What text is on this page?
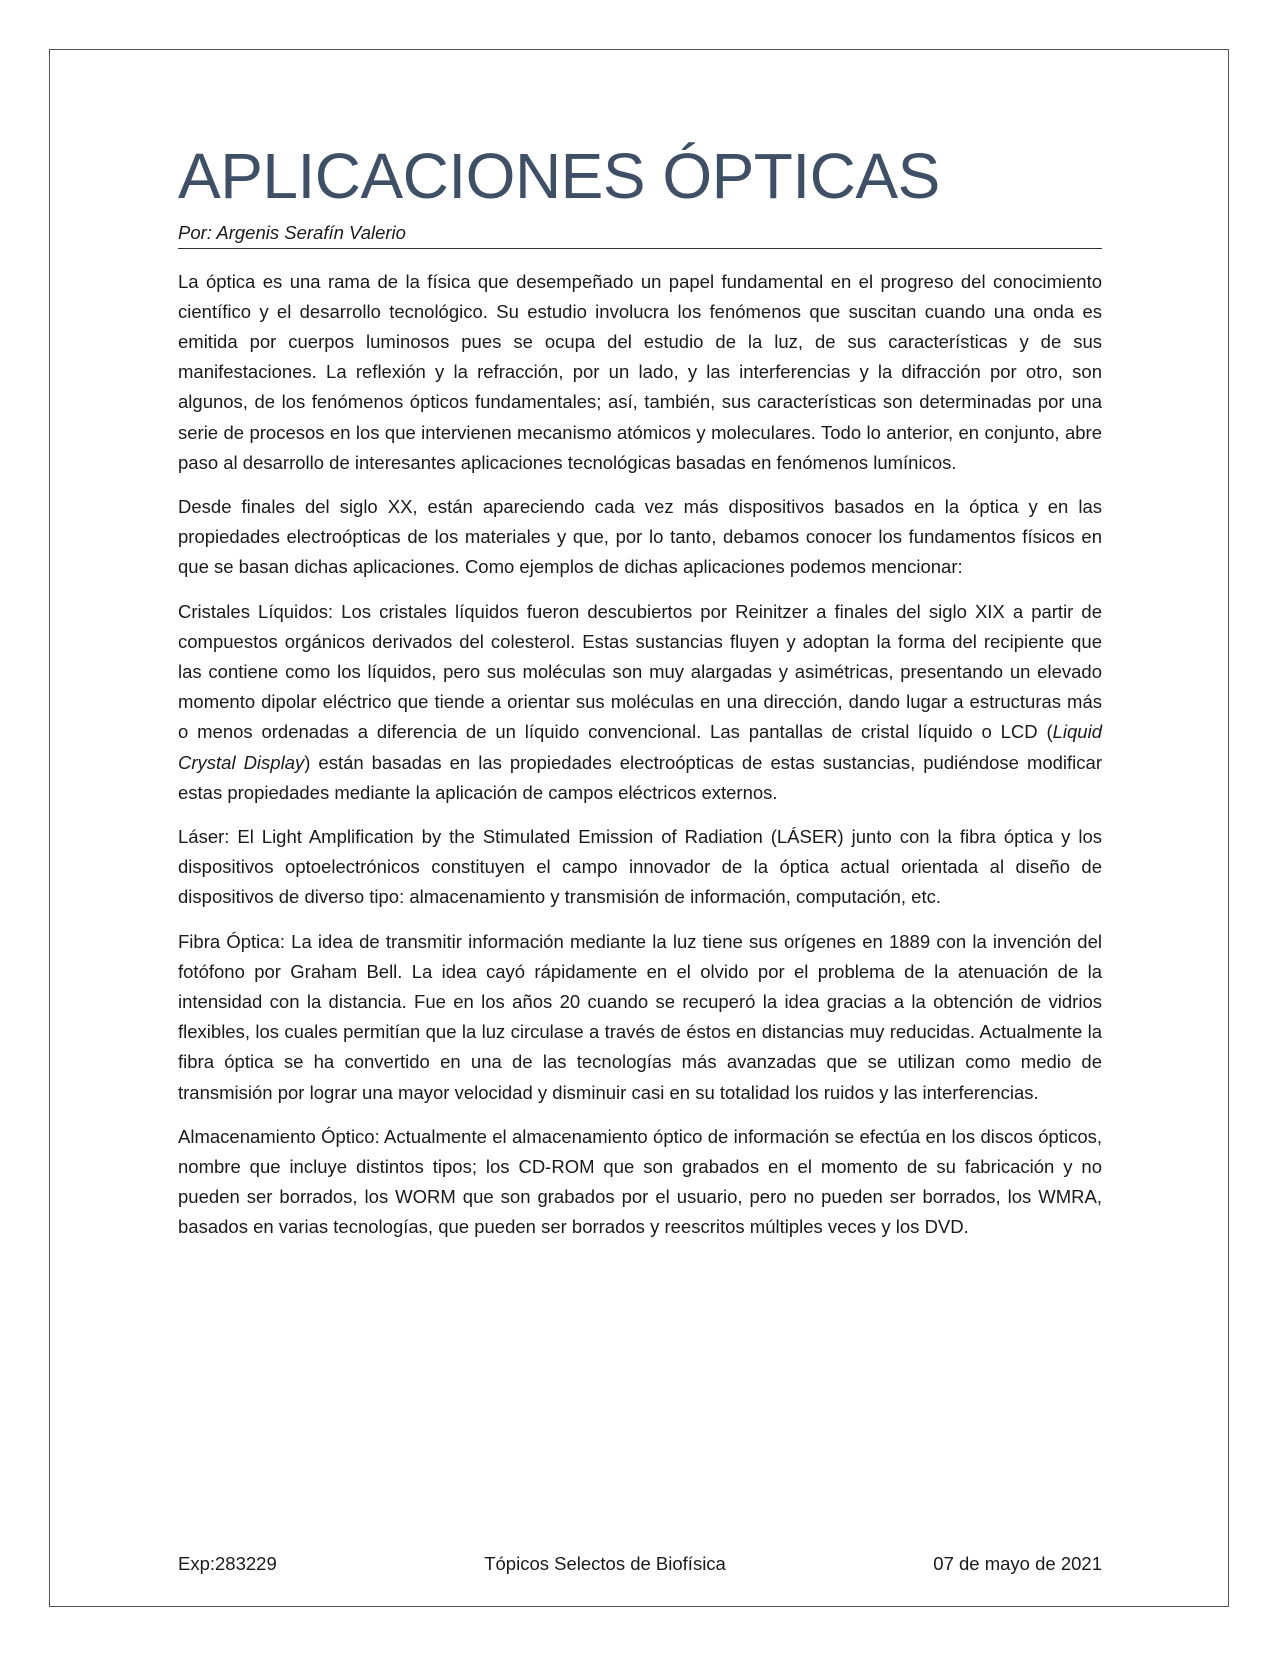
APLICACIONES ÓPTICAS
Por: Argenis Serafín Valerio

La óptica es una rama de la física que desempeñado un papel fundamental en el progreso del conocimiento científico y el desarrollo tecnológico. Su estudio involucra los fenómenos que suscitan cuando una onda es emitida por cuerpos luminosos pues se ocupa del estudio de la luz, de sus características y de sus manifestaciones. La reflexión y la refracción, por un lado, y las interferencias y la difracción por otro, son algunos, de los fenómenos ópticos fundamentales; así, también, sus características son determinadas por una serie de procesos en los que intervienen mecanismo atómicos y moleculares. Todo lo anterior, en conjunto, abre paso al desarrollo de interesantes aplicaciones tecnológicas basadas en fenómenos lumínicos.

Desde finales del siglo XX, están apareciendo cada vez más dispositivos basados en la óptica y en las propiedades electroópticas de los materiales y que, por lo tanto, debamos conocer los fundamentos físicos en que se basan dichas aplicaciones. Como ejemplos de dichas aplicaciones podemos mencionar:

Cristales Líquidos: Los cristales líquidos fueron descubiertos por Reinitzer a finales del siglo XIX a partir de compuestos orgánicos derivados del colesterol. Estas sustancias fluyen y adoptan la forma del recipiente que las contiene como los líquidos, pero sus moléculas son muy alargadas y asimétricas, presentando un elevado momento dipolar eléctrico que tiende a orientar sus moléculas en una dirección, dando lugar a estructuras más o menos ordenadas a diferencia de un líquido convencional. Las pantallas de cristal líquido o LCD (Liquid Crystal Display) están basadas en las propiedades electroópticas de estas sustancias, pudiéndose modificar estas propiedades mediante la aplicación de campos eléctricos externos.

Láser: El Light Amplification by the Stimulated Emission of Radiation (LÁSER) junto con la fibra óptica y los dispositivos optoelectrónicos constituyen el campo innovador de la óptica actual orientada al diseño de dispositivos de diverso tipo: almacenamiento y transmisión de información, computación, etc.

Fibra Óptica: La idea de transmitir información mediante la luz tiene sus orígenes en 1889 con la invención del fotófono por Graham Bell. La idea cayó rápidamente en el olvido por el problema de la atenuación de la intensidad con la distancia. Fue en los años 20 cuando se recuperó la idea gracias a la obtención de vidrios flexibles, los cuales permitían que la luz circulase a través de éstos en distancias muy reducidas. Actualmente la fibra óptica se ha convertido en una de las tecnologías más avanzadas que se utilizan como medio de transmisión por lograr una mayor velocidad y disminuir casi en su totalidad los ruidos y las interferencias.

Almacenamiento Óptico: Actualmente el almacenamiento óptico de información se efectúa en los discos ópticos, nombre que incluye distintos tipos; los CD-ROM que son grabados en el momento de su fabricación y no pueden ser borrados, los WORM que son grabados por el usuario, pero no pueden ser borrados, los WMRA, basados en varias tecnologías, que pueden ser borrados y reescritos múltiples veces y los DVD.

Exp:283229	Tópicos Selectos de Biofísica	07 de mayo de 2021
